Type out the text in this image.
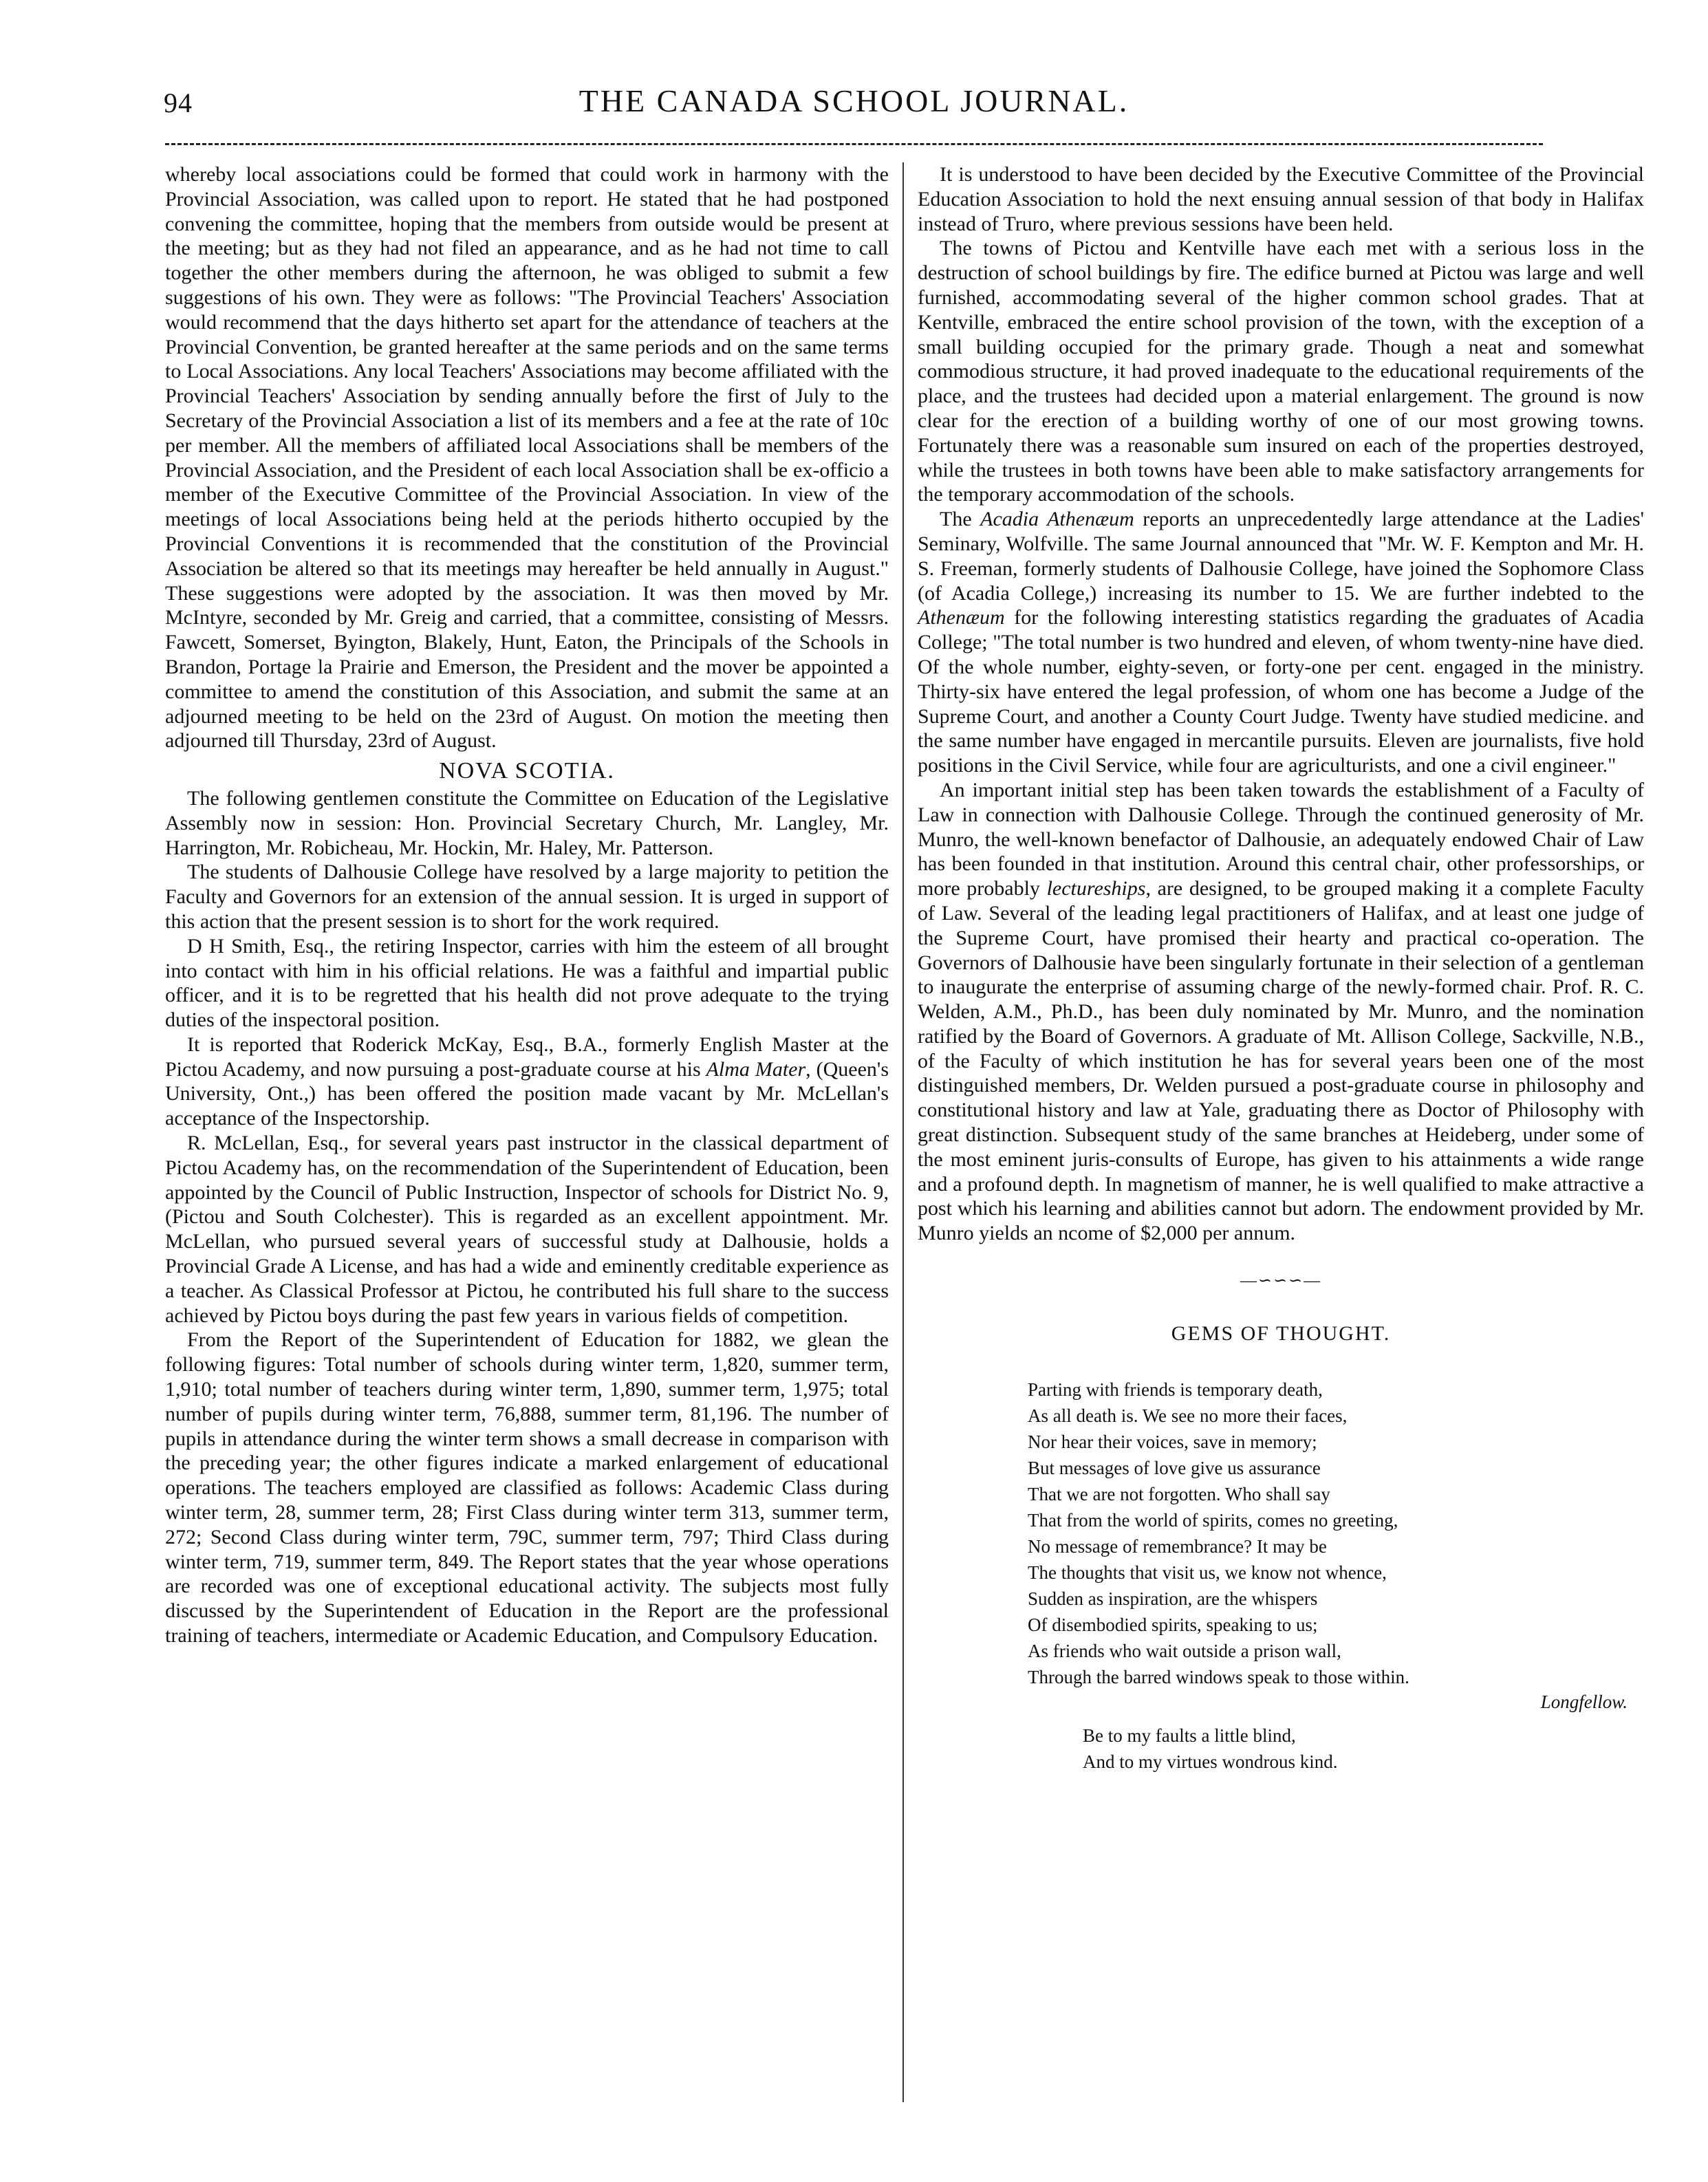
94	THE CANADA SCHOOL JOURNAL.

whereby local associations could be formed that could work in harmony with the Provincial Association, was called upon to report. He stated that he had postponed convening the committee, hoping that the members from outside would be present at the meeting; but as they had not filed an appearance, and as he had not time to call together the other members during the afternoon, he was obliged to submit a few suggestions of his own. They were as follows: "The Provincial Teachers' Association would recommend that the days hitherto set apart for the attendance of teachers at the Provincial Convention, be granted hereafter at the same periods and on the same terms to Local Associations. Any local Teachers' Associations may become affiliated with the Provincial Teachers' Association by sending annually before the first of July to the Secretary of the Provincial Association a list of its members and a fee at the rate of 10c per member. All the members of affiliated local Associations shall be members of the Provincial Association, and the President of each local Association shall be ex-officio a member of the Executive Committee of the Provincial Association. In view of the meetings of local Associations being held at the periods hitherto occupied by the Provincial Conventions it is recommended that the constitution of the Provincial Association be altered so that its meetings may hereafter be held annually in August." These suggestions were adopted by the association. It was then moved by Mr. McIntyre, seconded by Mr. Greig and carried, that a committee, consisting of Messrs. Fawcett, Somerset, Byington, Blakely, Hunt, Eaton, the Principals of the Schools in Brandon, Portage la Prairie and Emerson, the President and the mover be appointed a committee to amend the constitution of this Association, and submit the same at an adjourned meeting to be held on the 23rd of August. On motion the meeting then adjourned till Thursday, 23rd of August.

NOVA SCOTIA.

The following gentlemen constitute the Committee on Education of the Legislative Assembly now in session: Hon. Provincial Secretary Church, Mr. Langley, Mr. Harrington, Mr. Robicheau, Mr. Hockin, Mr. Haley, Mr. Patterson.

The students of Dalhousie College have resolved by a large majority to petition the Faculty and Governors for an extension of the annual session. It is urged in support of this action that the present session is to short for the work required.

D H Smith, Esq., the retiring Inspector, carries with him the esteem of all brought into contact with him in his official relations. He was a faithful and impartial public officer, and it is to be regretted that his health did not prove adequate to the trying duties of the inspectoral position.

It is reported that Roderick McKay, Esq., B.A., formerly English Master at the Pictou Academy, and now pursuing a post-graduate course at his Alma Mater, (Queen's University, Ont.,) has been offered the position made vacant by Mr. McLellan's acceptance of the Inspectorship.

R. McLellan, Esq., for several years past instructor in the classical department of Pictou Academy has, on the recommendation of the Superintendent of Education, been appointed by the Council of Public Instruction, Inspector of schools for District No. 9, (Pictou and South Colchester). This is regarded as an excellent appointment. Mr. McLellan, who pursued several years of successful study at Dalhousie, holds a Provincial Grade A License, and has had a wide and eminently creditable experience as a teacher. As Classical Professor at Pictou, he contributed his full share to the success achieved by Pictou boys during the past few years in various fields of competition.

From the Report of the Superintendent of Education for 1882, we glean the following figures: Total number of schools during winter term, 1,820, summer term, 1,910; total number of teachers during winter term, 1,890, summer term, 1,975; total number of pupils during winter term, 76,888, summer term, 81,196. The number of pupils in attendance during the winter term shows a small decrease in comparison with the preceding year; the other figures indicate a marked enlargement of educational operations. The teachers employed are classified as follows: Academic Class during winter term, 28, summer term, 28; First Class during winter term 313, summer term, 272; Second Class during winter term, 79C, summer term, 797; Third Class during winter term, 719, summer term, 849. The Report states that the year whose operations are recorded was one of exceptional educational activity. The subjects most fully discussed by the Superintendent of Education in the Report are the professional training of teachers, intermediate or Academic Education, and Compulsory Education.

It is understood to have been decided by the Executive Committee of the Provincial Education Association to hold the next ensuing annual session of that body in Halifax instead of Truro, where previous sessions have been held.

The towns of Pictou and Kentville have each met with a serious loss in the destruction of school buildings by fire. The edifice burned at Pictou was large and well furnished, accommodating several of the higher common school grades. That at Kentville, embraced the entire school provision of the town, with the exception of a small building occupied for the primary grade. Though a neat and somewhat commodious structure, it had proved inadequate to the educational requirements of the place, and the trustees had decided upon a material enlargement. The ground is now clear for the erection of a building worthy of one of our most growing towns. Fortunately there was a reasonable sum insured on each of the properties destroyed, while the trustees in both towns have been able to make satisfactory arrangements for the temporary accommodation of the schools.

The Acadia Athenæum reports an unprecedentedly large attendance at the Ladies' Seminary, Wolfville. The same Journal announced that "Mr. W. F. Kempton and Mr. H. S. Freeman, formerly students of Dalhousie College, have joined the Sophomore Class (of Acadia College,) increasing its number to 15. We are further indebted to the Athenæum for the following interesting statistics regarding the graduates of Acadia College; "The total number is two hundred and eleven, of whom twenty-nine have died. Of the whole number, eighty-seven, or forty-one per cent. engaged in the ministry. Thirty-six have entered the legal profession, of whom one has become a Judge of the Supreme Court, and another a County Court Judge. Twenty have studied medicine. and the same number have engaged in mercantile pursuits. Eleven are journalists, five hold positions in the Civil Service, while four are agriculturists, and one a civil engineer."

An important initial step has been taken towards the establishment of a Faculty of Law in connection with Dalhousie College. Through the continued generosity of Mr. Munro, the well-known benefactor of Dalhousie, an adequately endowed Chair of Law has been founded in that institution. Around this central chair, other professorships, or more probably lectureships, are designed, to be grouped making it a complete Faculty of Law. Several of the leading legal practitioners of Halifax, and at least one judge of the Supreme Court, have promised their hearty and practical co-operation. The Governors of Dalhousie have been singularly fortunate in their selection of a gentleman to inaugurate the enterprise of assuming charge of the newly-formed chair. Prof. R. C. Welden, A.M., Ph.D., has been duly nominated by Mr. Munro, and the nomination ratified by the Board of Governors. A graduate of Mt. Allison College, Sackville, N.B., of the Faculty of which institution he has for several years been one of the most distinguished members, Dr. Welden pursued a post-graduate course in philosophy and constitutional history and law at Yale, graduating there as Doctor of Philosophy with great distinction. Subsequent study of the same branches at Heideberg, under some of the most eminent juris-consults of Europe, has given to his attainments a wide range and a profound depth. In magnetism of manner, he is well qualified to make attractive a post which his learning and abilities cannot but adorn. The endowment provided by Mr. Munro yields an ncome of $2,000 per annum.

—∽∽∽—
GEMS OF THOUGHT.
Parting with friends is temporary death,
As all death is. We see no more their faces,
Nor hear their voices, save in memory;
But messages of love give us assurance
That we are not forgotten. Who shall say
That from the world of spirits, comes no greeting,
No message of remembrance? It may be
The thoughts that visit us, we know not whence,
Sudden as inspiration, are the whispers
Of disembodied spirits, speaking to us;
As friends who wait outside a prison wall,
Through the barred windows speak to those within.
Longfellow.
Be to my faults a little blind,
And to my virtues wondrous kind.
